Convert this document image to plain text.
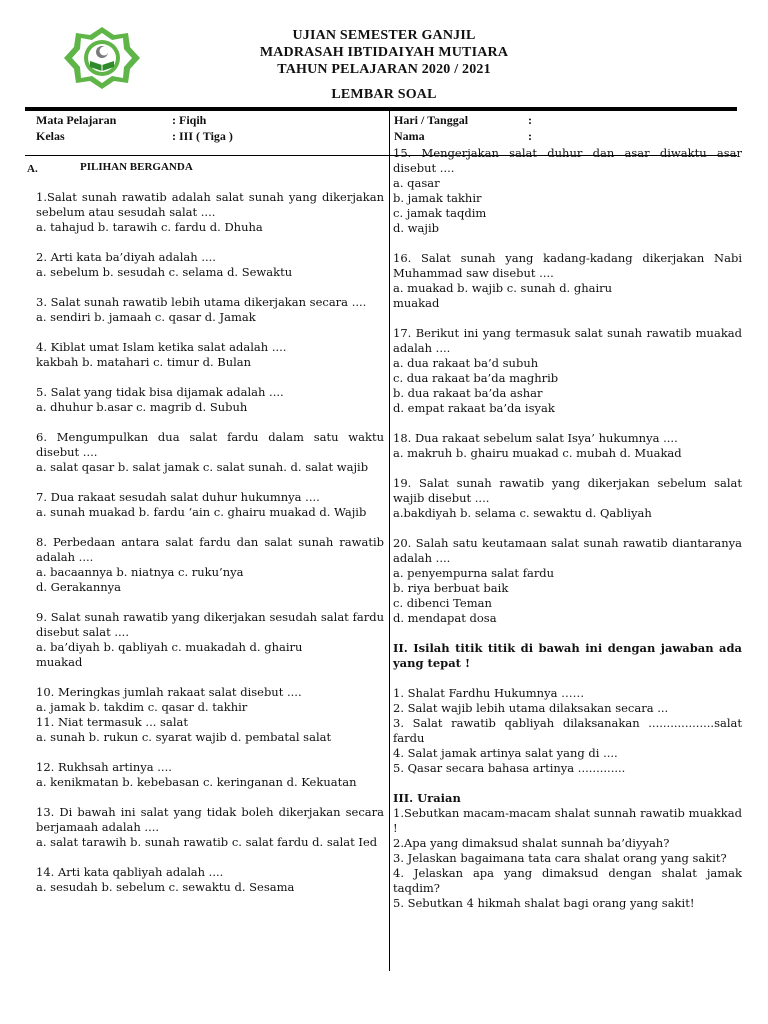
UJIAN SEMESTER GANJIL
MADRASAH IBTIDAIYAH MUTIARA
TAHUN PELAJARAN 2020 / 2021
LEMBAR SOAL
Mata Pelajaran	: Fiqih
Kelas	: III ( Tiga )
Hari / Tanggal	:
Nama	:
A.	PILIHAN BERGANDA

1.Salat sunah rawatib adalah salat sunah yang dikerjakan sebelum atau sesudah salat ....

a. tahajud b. tarawih c. fardu d. Dhuha

2. Arti kata ba’diyah adalah ....

a. sebelum b. sesudah c. selama d. Sewaktu

3. Salat sunah rawatib lebih utama dikerjakan secara ....

a. sendiri b. jamaah c. qasar d. Jamak

4. Kiblat umat Islam ketika salat adalah ....

kakbah b. matahari c. timur d. Bulan

5. Salat yang tidak bisa dijamak adalah ....

a. dhuhur b.asar c. magrib d. Subuh

6. Mengumpulkan dua salat fardu dalam satu waktu disebut ....

a. salat qasar b. salat jamak c. salat sunah. d. salat wajib

7. Dua rakaat sesudah salat duhur hukumnya ....

a. sunah muakad b. fardu ‘ain c. ghairu muakad d. Wajib

8. Perbedaan antara salat fardu dan salat sunah rawatib adalah ....

a. bacaannya b. niatnya c. ruku’nya

d. Gerakannya

9. Salat sunah rawatib yang dikerjakan sesudah salat fardu disebut salat ....

a. ba’diyah b. qabliyah c. muakadah d. ghairu

muakad

10. Meringkas jumlah rakaat salat disebut ....

a. jamak b. takdim c. qasar d. takhir

11. Niat termasuk ... salat

a. sunah b. rukun c. syarat wajib d. pembatal salat

12. Rukhsah artinya ....

a. kenikmatan b. kebebasan c. keringanan d. Kekuatan

13. Di bawah ini salat yang tidak boleh dikerjakan secara berjamaah adalah ....

a. salat tarawih b. sunah rawatib c. salat fardu d. salat Ied

14. Arti kata qabliyah adalah ....

a. sesudah b. sebelum c. sewaktu d. Sesama

15. Mengerjakan salat duhur dan asar diwaktu asar disebut ....

a. qasar

b. jamak takhir

c. jamak taqdim

d. wajib

16. Salat sunah yang kadang-kadang dikerjakan Nabi Muhammad saw disebut ....

a. muakad b. wajib c. sunah d. ghairu

muakad

17. Berikut ini yang termasuk salat sunah rawatib muakad adalah ....

a. dua rakaat ba’d subuh

c. dua rakaat ba’da maghrib

b. dua rakaat ba’da ashar

d. empat rakaat ba’da isyak

18. Dua rakaat sebelum salat Isya’ hukumnya ....

a. makruh b. ghairu muakad c. mubah d. Muakad

19. Salat sunah rawatib yang dikerjakan sebelum salat wajib disebut ....

a.bakdiyah b. selama c. sewaktu d. Qabliyah

20. Salah satu keutamaan salat sunah rawatib diantaranya adalah ....

a. penyempurna salat fardu

b. riya berbuat baik

c. dibenci Teman

d. mendapat dosa

II. Isilah titik titik di bawah ini dengan jawaban ada yang tepat !

1. Shalat Fardhu Hukumnya ……

2. Salat wajib lebih utama dilaksakan secara ...

3. Salat rawatib qabliyah dilaksanakan ..................salat fardu

4. Salat jamak artinya salat yang di ....

5. Qasar secara bahasa artinya .............

III. Uraian

1.Sebutkan macam-macam shalat sunnah rawatib muakkad !

2.Apa yang dimaksud shalat sunnah ba’diyyah?

3. Jelaskan bagaimana tata cara shalat orang yang sakit?

4. Jelaskan apa yang dimaksud dengan shalat jamak taqdim?

5. Sebutkan 4 hikmah shalat bagi orang yang sakit!
